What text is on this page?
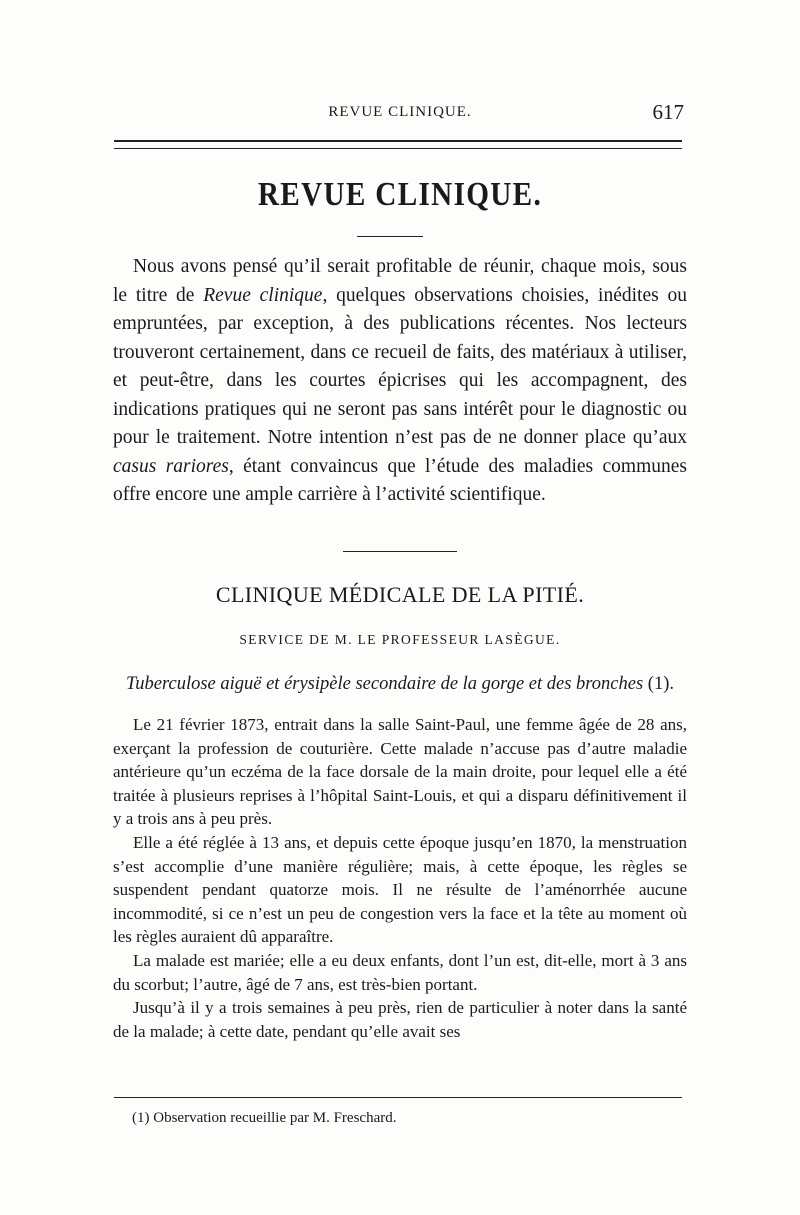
REVUE CLINIQUE.	617
REVUE CLINIQUE.

Nous avons pensé qu’il serait profitable de réunir, chaque mois, sous le titre de Revue clinique, quelques observations choisies, inédites ou empruntées, par exception, à des publications récentes. Nos lecteurs trouveront certainement, dans ce recueil de faits, des matériaux à utiliser, et peut-être, dans les courtes épicrises qui les accompagnent, des indications pratiques qui ne seront pas sans intérêt pour le diagnostic ou pour le traitement. Notre intention n’est pas de ne donner place qu’aux casus rariores, étant convaincus que l’étude des maladies communes offre encore une ample carrière à l’activité scientifique.

CLINIQUE MÉDICALE DE LA PITIÉ.
SERVICE DE M. LE PROFESSEUR LASÈGUE.
Tuberculose aiguë et érysipèle secondaire de la gorge et des bronches (1).

Le 21 février 1873, entrait dans la salle Saint-Paul, une femme âgée de 28 ans, exerçant la profession de couturière. Cette malade n’accuse pas d’autre maladie antérieure qu’un eczéma de la face dorsale de la main droite, pour lequel elle a été traitée à plusieurs reprises à l’hôpital Saint-Louis, et qui a disparu définitivement il y a trois ans à peu près.

Elle a été réglée à 13 ans, et depuis cette époque jusqu’en 1870, la menstruation s’est accomplie d’une manière régulière; mais, à cette époque, les règles se suspendent pendant quatorze mois. Il ne résulte de l’aménorrhée aucune incommodité, si ce n’est un peu de congestion vers la face et la tête au moment où les règles auraient dû apparaître.

La malade est mariée; elle a eu deux enfants, dont l’un est, dit-elle, mort à 3 ans du scorbut; l’autre, âgé de 7 ans, est très-bien portant.

Jusqu’à il y a trois semaines à peu près, rien de particulier à noter dans la santé de la malade; à cette date, pendant qu’elle avait ses

(1) Observation recueillie par M. Freschard.
